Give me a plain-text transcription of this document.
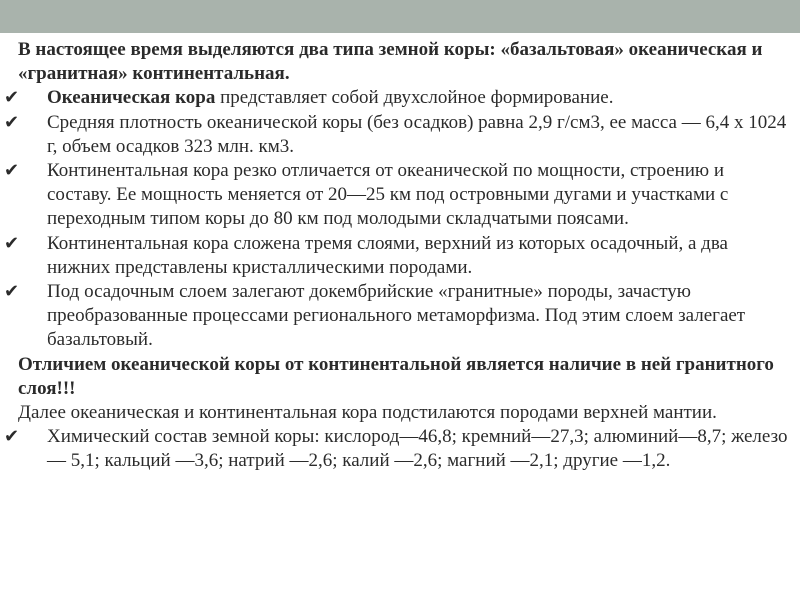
В настоящее время выделяются два типа земной коры: «базальтовая» океаническая и «гранитная» континентальная.

✔	Океаническая кора представляет собой двухслойное формирование.

✔	Средняя плотность океанической коры (без осадков) равна 2,9 г/см3, ее масса — 6,4 x 1024 г, объем осадков 323 млн. км3.

✔	Континентальная кора резко отличается от океанической по мощности, строению и составу. Ее мощность меняется от 20—25 км под островными дугами и участками с переходным типом коры до 80 км под молодыми складчатыми поясами.

✔	Континентальная кора сложена тремя слоями, верхний из которых осадочный, а два нижних представлены кристаллическими породами.

✔	Под осадочным слоем залегают докембрийские «гранитные» породы, зачастую преобразованные процессами регионального метаморфизма. Под этим слоем залегает базальтовый.

Отличием океанической коры от континентальной является наличие в ней гранитного слоя!!!

Далее океаническая и континентальная кора подстилаются породами верхней мантии.

✔	Химический состав земной коры: кислород—46,8; кремний—27,3; алюминий—8,7; железо — 5,1; кальций —3,6; натрий —2,6; калий —2,6; магний —2,1; другие —1,2.
